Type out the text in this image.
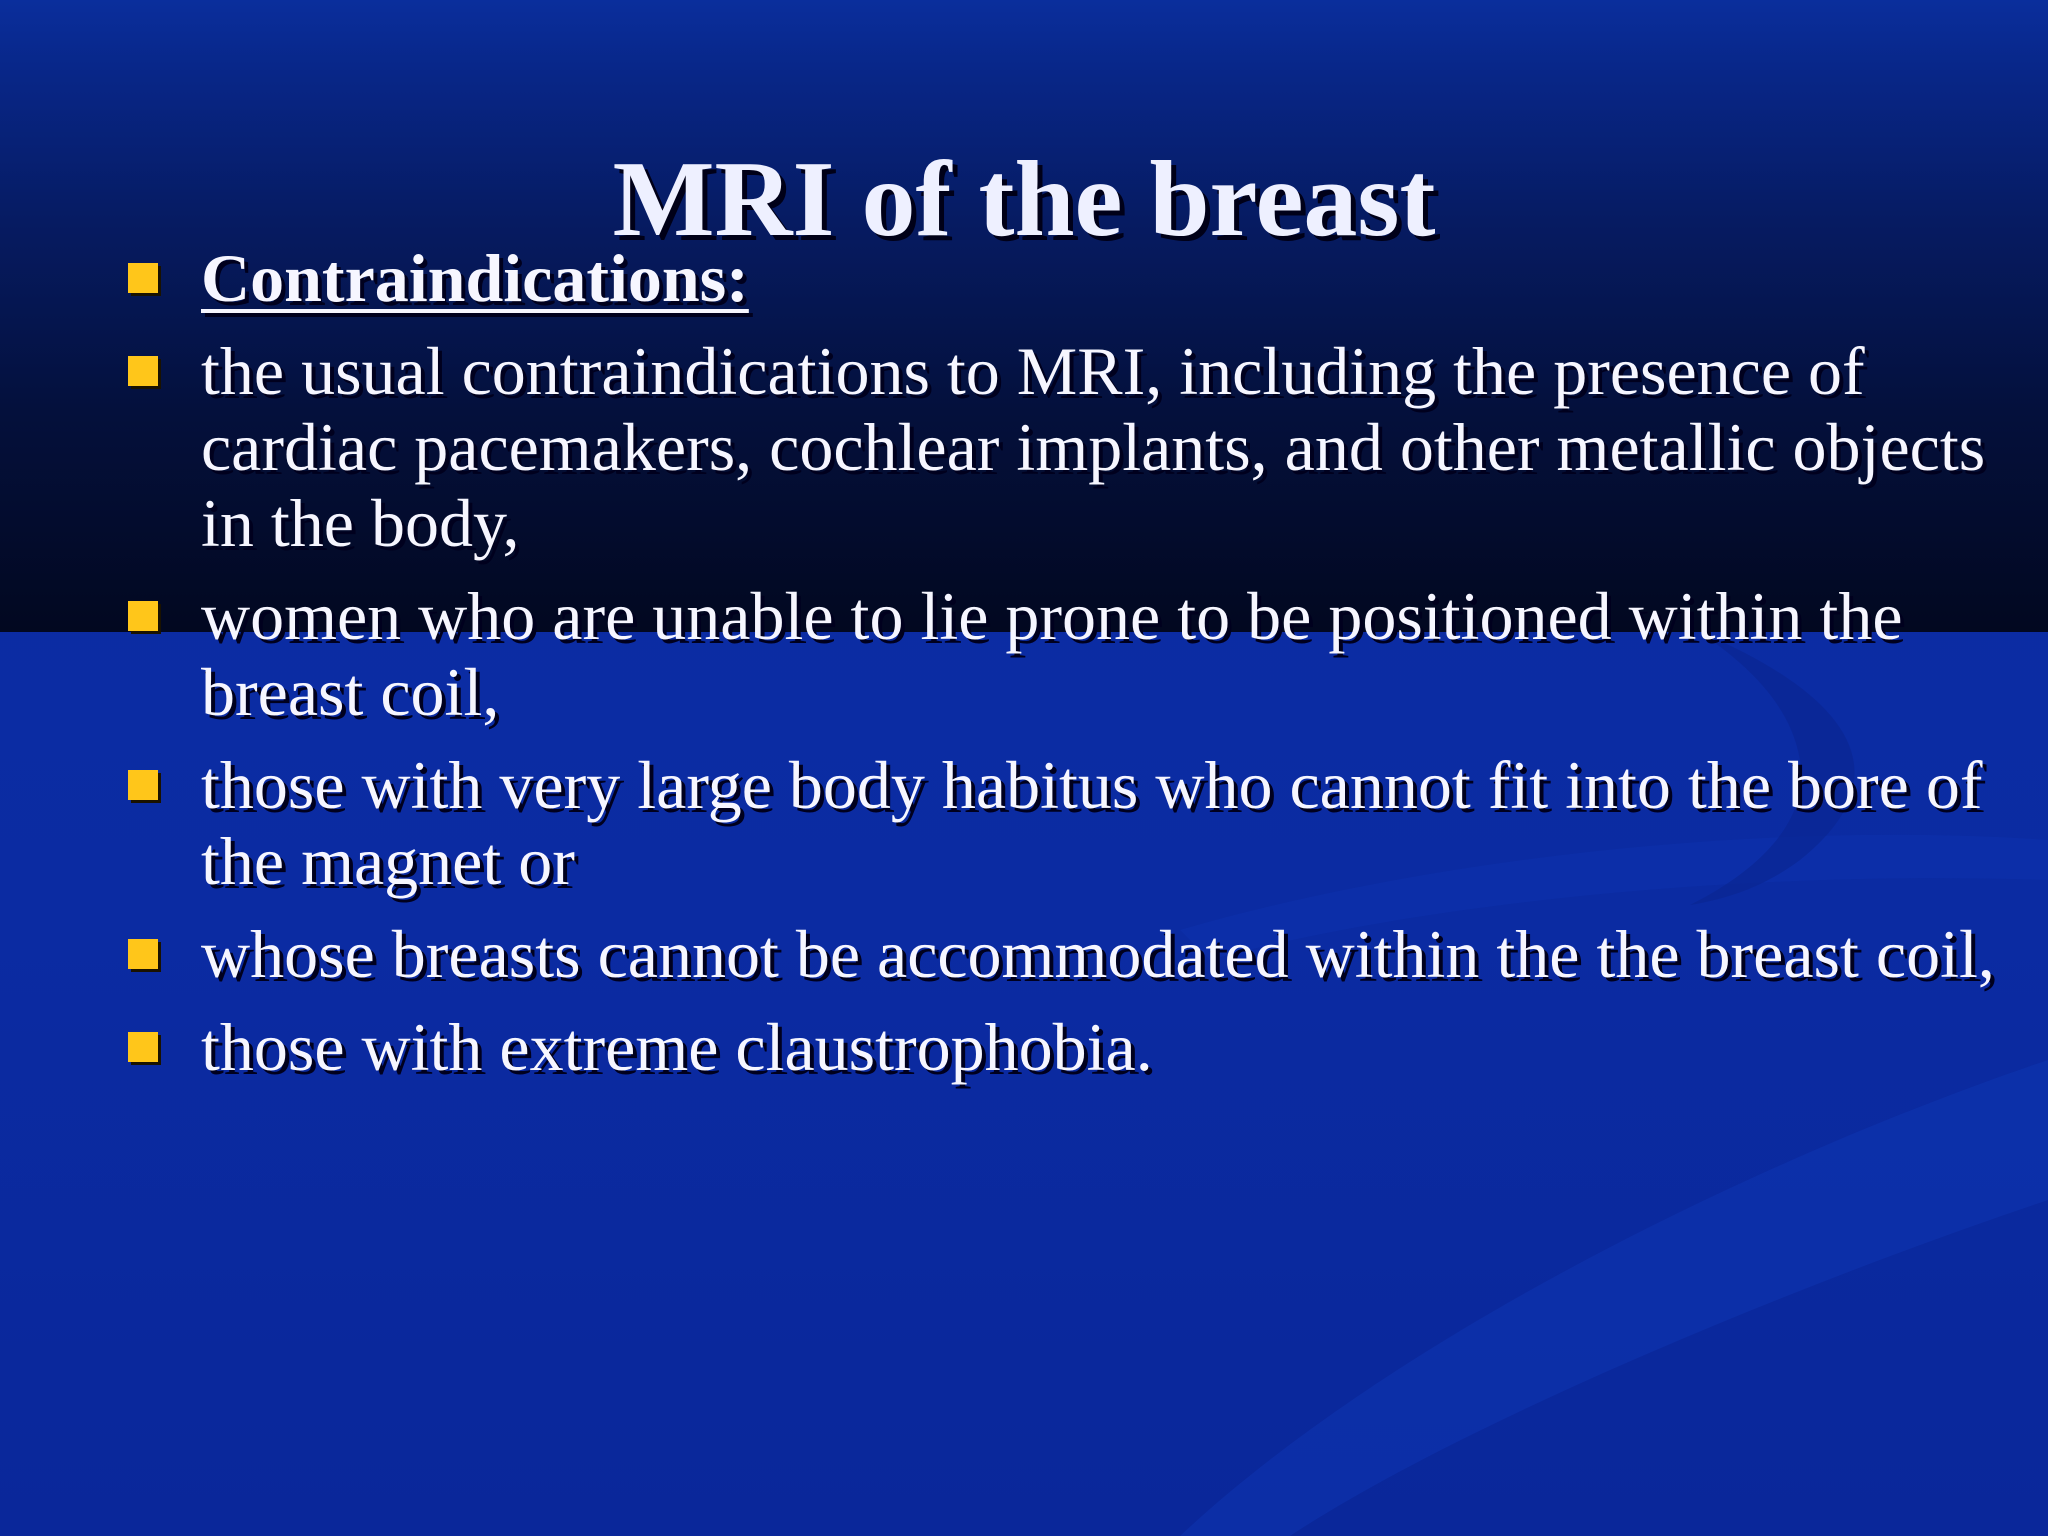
MRI of the breast
Contraindications:
the usual contraindications to MRI, including the presence of cardiac pacemakers, cochlear implants, and other metallic objects in the body,
women who are unable to lie prone to be positioned within the breast coil,
those with very large body habitus who cannot fit into the bore of the magnet or
whose breasts cannot be accommodated within the the breast coil,
those with extreme claustrophobia.
